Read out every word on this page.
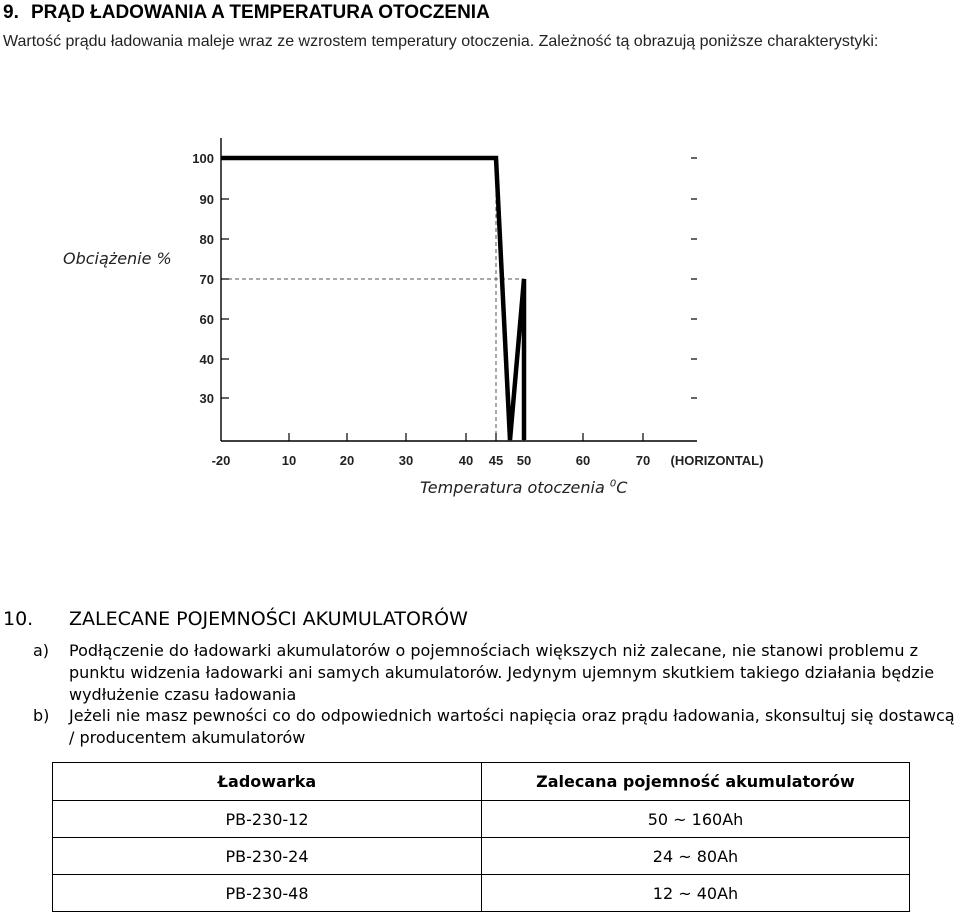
9. PRĄD ŁADOWANIA A TEMPERATURA OTOCZENIA
Wartość prądu ładowania maleje wraz ze wzrostem temperatury otoczenia. Zależność tą obrazują poniższe charakterystyki:
Obciążenie %
Temperatura otoczenia $^0$C
100
90
80
70
60
40
30
-20	10	20	30	40 45 50	60	70 (HORIZONTAL)
10. ZALECANE POJEMNOŚCI AKUMULATORÓW
a) Podłączenie do ładowarki akumulatorów o pojemnościach większych niż zalecane, nie stanowi problemu z punktu widzenia ładowarki ani samych akumulatorów. Jedynym ujemnym skutkiem takiego działania będzie wydłużenie czasu ładowania
b) Jeżeli nie masz pewności co do odpowiednich wartości napięcia oraz prądu ładowania, skonsultuj się dostawcą / producentem akumulatorów
Ładowarka	Zalecana pojemność akumulatorów
PB-230-12	50 ~ 160Ah
PB-230-24	24 ~ 80Ah
PB-230-48	12 ~ 40Ah
